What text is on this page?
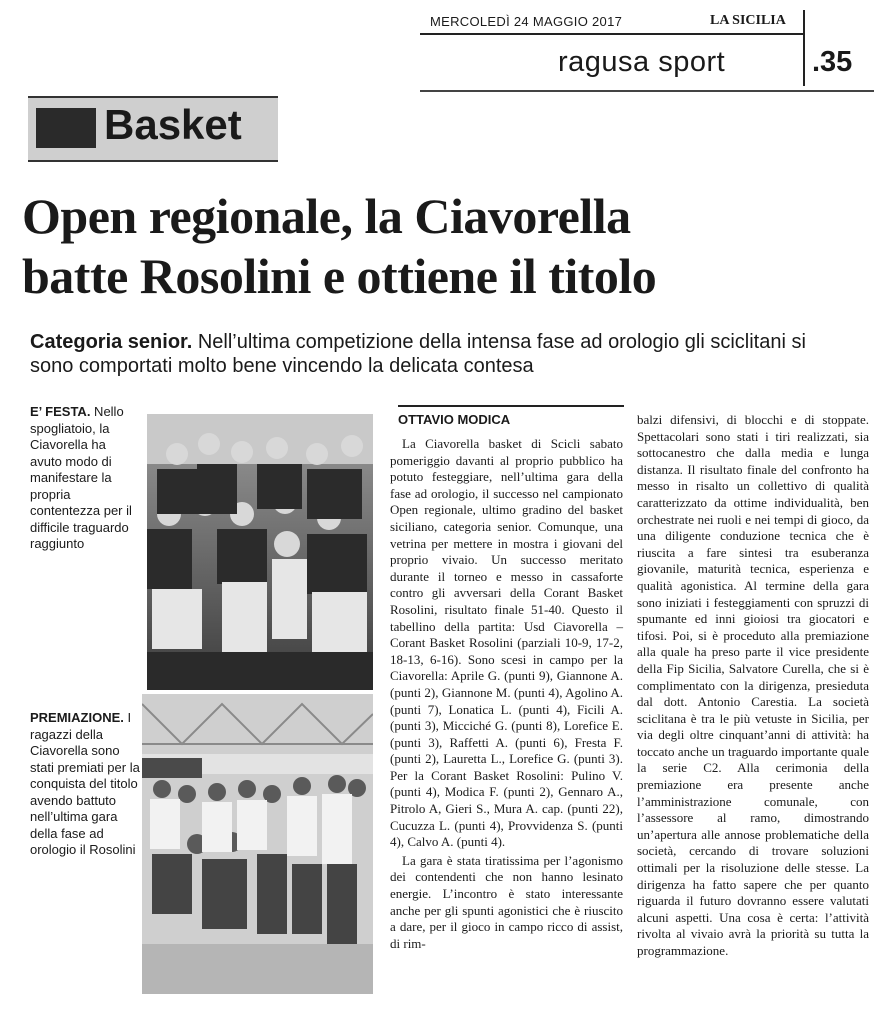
MERCOLEDÌ 24 MAGGIO 2017	LA SICILIA
ragusa sport	.35
Basket
Open regionale, la Ciavorella
batte Rosolini e ottiene il titolo
Categoria senior. Nell’ultima competizione della intensa fase ad orologio gli sciclitani si sono comportati molto bene vincendo la delicata contesa
E’ FESTA. Nello spogliatoio, la Ciavorella ha avuto modo di manifestare la propria contentezza per il difficile traguardo raggiunto
PREMIAZIONE. I ragazzi della Ciavorella sono stati premiati per la conquista del titolo avendo battuto nell’ultima gara della fase ad orologio il Rosolini
OTTAVIO MODICA

La Ciavorella basket di Scicli sabato pomeriggio davanti al proprio pubblico ha potuto festeggiare, nell’ultima gara della fase ad orologio, il successo nel campionato Open regionale, ultimo gradino del basket siciliano, categoria senior. Comunque, una vetrina per mettere in mostra i giovani del proprio vivaio. Un successo meritato durante il torneo e messo in cassaforte contro gli avversari della Corant Basket Rosolini, risultato finale 51-40. Questo il tabellino della partita: Usd Ciavorella – Corant Basket Rosolini (parziali 10-9, 17-2, 18-13, 6-16). Sono scesi in campo per la Ciavorella: Aprile G. (punti 9), Giannone A. (punti 2), Giannone M. (punti 4), Agolino A. (punti 7), Lonatica L. (punti 4), Ficili A. (punti 3), Micciché G. (punti 8), Lorefice E. (punti 3), Raffetti A. (punti 6), Fresta F. (punti 2), Lauretta L., Lorefice G. (punti 3). Per la Corant Basket Rosolini: Pulino V. (punti 4), Modica F. (punti 2), Gennaro A., Pitrolo A, Gieri S., Mura A. cap. (punti 22), Cucuzza L. (punti 4), Provvidenza S. (punti 4), Calvo A. (punti 4).

La gara è stata tiratissima per l’agonismo dei contendenti che non hanno lesinato energie. L’incontro è stato interessante anche per gli spunti agonistici che è riuscito a dare, per il gioco in campo ricco di assist, di rim-

balzi difensivi, di blocchi e di stoppate. Spettacolari sono stati i tiri realizzati, sia sottocanestro che dalla media e lunga distanza. Il risultato finale del confronto ha messo in risalto un collettivo di qualità caratterizzato da ottime individualità, ben orchestrate nei ruoli e nei tempi di gioco, da una diligente conduzione tecnica che è riuscita a fare sintesi tra esuberanza giovanile, maturità tecnica, esperienza e qualità agonistica. Al termine della gara sono iniziati i festeggiamenti con spruzzi di spumante ed inni gioiosi tra giocatori e tifosi. Poi, si è proceduto alla premiazione alla quale ha preso parte il vice presidente della Fip Sicilia, Salvatore Curella, che si è complimentato con la dirigenza, presieduta dal dott. Antonio Carestia. La società sciclitana è tra le più vetuste in Sicilia, per via degli oltre cinquant’anni di attività: ha toccato anche un traguardo importante quale la serie C2. Alla cerimonia della premiazione era presente anche l’amministrazione comunale, con l’assessore al ramo, dimostrando un’apertura alle annose problematiche della società, cercando di trovare soluzioni ottimali per la risoluzione delle stesse. La dirigenza ha fatto sapere che per quanto riguarda il futuro dovranno essere valutati alcuni aspetti. Una cosa è certa: l’attività rivolta al vivaio avrà la priorità su tutta la programmazione.
